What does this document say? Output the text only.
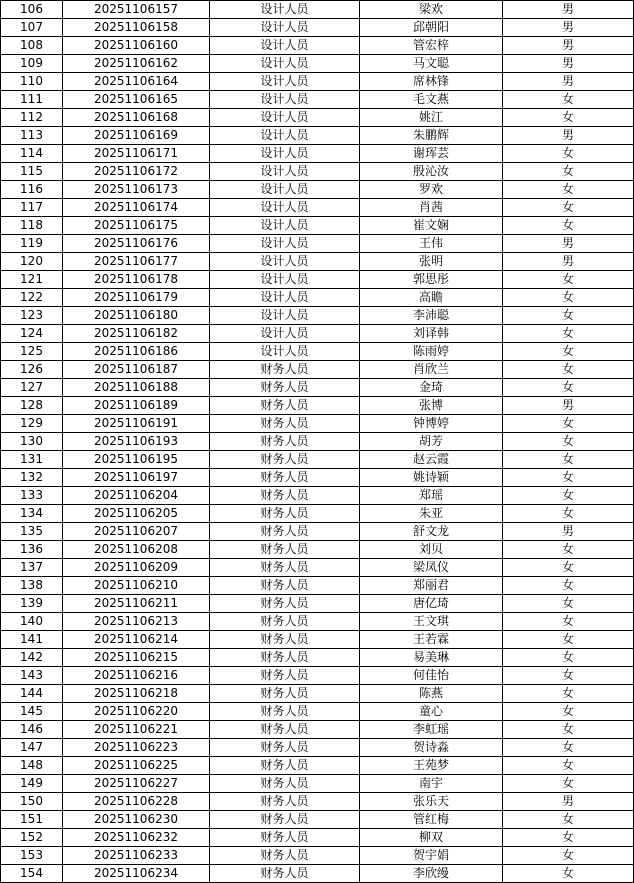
106	20251106157	设计人员	梁欢	男
107	20251106158	设计人员	邱朝阳	男
108	20251106160	设计人员	管宏梓	男
109	20251106162	设计人员	马文聪	男
110	20251106164	设计人员	席林锋	男
111	20251106165	设计人员	毛文燕	女
112	20251106168	设计人员	姚江	女
113	20251106169	设计人员	朱鹏辉	男
114	20251106171	设计人员	谢珲芸	女
115	20251106172	设计人员	殷沁汝	女
116	20251106173	设计人员	罗欢	女
117	20251106174	设计人员	肖茜	女
118	20251106175	设计人员	崔文娴	女
119	20251106176	设计人员	王伟	男
120	20251106177	设计人员	张明	男
121	20251106178	设计人员	郭思彤	女
122	20251106179	设计人员	高瞻	女
123	20251106180	设计人员	李沛聪	女
124	20251106182	设计人员	刘译韩	女
125	20251106186	设计人员	陈雨婷	女
126	20251106187	财务人员	肖欣兰	女
127	20251106188	财务人员	金琦	女
128	20251106189	财务人员	张博	男
129	20251106191	财务人员	钟博婷	女
130	20251106193	财务人员	胡芳	女
131	20251106195	财务人员	赵云霞	女
132	20251106197	财务人员	姚诗颖	女
133	20251106204	财务人员	郑瑶	女
134	20251106205	财务人员	朱亚	女
135	20251106207	财务人员	舒文龙	男
136	20251106208	财务人员	刘贝	女
137	20251106209	财务人员	梁凤仪	女
138	20251106210	财务人员	郑丽君	女
139	20251106211	财务人员	唐亿琦	女
140	20251106213	财务人员	王文琪	女
141	20251106214	财务人员	王若霖	女
142	20251106215	财务人员	易美琳	女
143	20251106216	财务人员	何佳怡	女
144	20251106218	财务人员	陈燕	女
145	20251106220	财务人员	童心	女
146	20251106221	财务人员	李虹瑶	女
147	20251106223	财务人员	贺诗淼	女
148	20251106225	财务人员	王苑梦	女
149	20251106227	财务人员	南宇	女
150	20251106228	财务人员	张乐天	男
151	20251106230	财务人员	管红梅	女
152	20251106232	财务人员	柳双	女
153	20251106233	财务人员	贺宇娟	女
154	20251106234	财务人员	李欣缦	女
